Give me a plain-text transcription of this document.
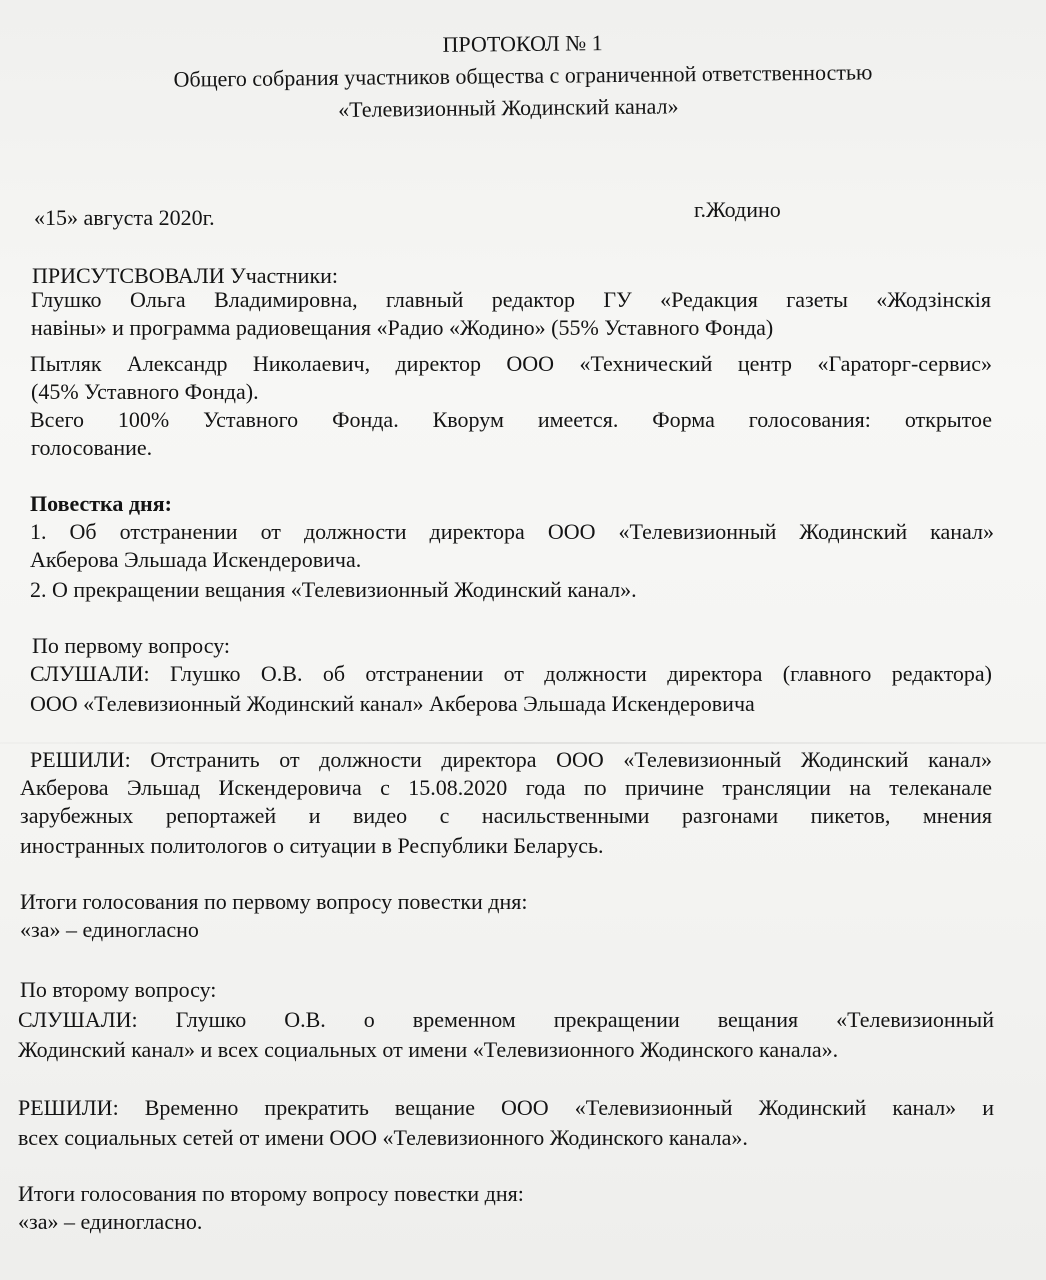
ПРОТОКОЛ № 1
Общего собрания участников общества с ограниченной ответственностью
«Телевизионный Жодинский канал»
«15» августа 2020г.	г.Жодино
ПРИСУТСВОВАЛИ Участники:
Глушко Ольга Владимировна, главный редактор ГУ «Редакция газеты «Жодзінскія
навіны» и программа радиовещания «Радио «Жодино» (55% Уставного Фонда)
Пытляк Александр Николаевич, директор ООО «Технический центр «Гараторг-сервис»
(45% Уставного Фонда).
Всего 100% Уставного Фонда. Кворум имеется. Форма голосования: открытое
голосование.
Повестка дня:
1. Об отстранении от должности директора ООО «Телевизионный Жодинский канал»
Акберова Эльшада Искендеровича.
2. О прекращении вещания «Телевизионный Жодинский канал».
По первому вопросу:
СЛУШАЛИ: Глушко О.В. об отстранении от должности директора (главного редактора)
ООО «Телевизионный Жодинский канал» Акберова Эльшада Искендеровича
РЕШИЛИ: Отстранить от должности директора ООО «Телевизионный Жодинский канал»
Акберова Эльшад Искендеровича с 15.08.2020 года по причине трансляции на телеканале
зарубежных репортажей и видео с насильственными разгонами пикетов, мнения
иностранных политологов о ситуации в Республики Беларусь.
Итоги голосования по первому вопросу повестки дня:
«за» – единогласно
По второму вопросу:
СЛУШАЛИ: Глушко О.В. о временном прекращении вещания «Телевизионный
Жодинский канал» и всех социальных от имени «Телевизионного Жодинского канала».
РЕШИЛИ: Временно прекратить вещание ООО «Телевизионный Жодинский канал» и
всех социальных сетей от имени ООО «Телевизионного Жодинского канала».
Итоги голосования по второму вопросу повестки дня:
«за» – единогласно.
